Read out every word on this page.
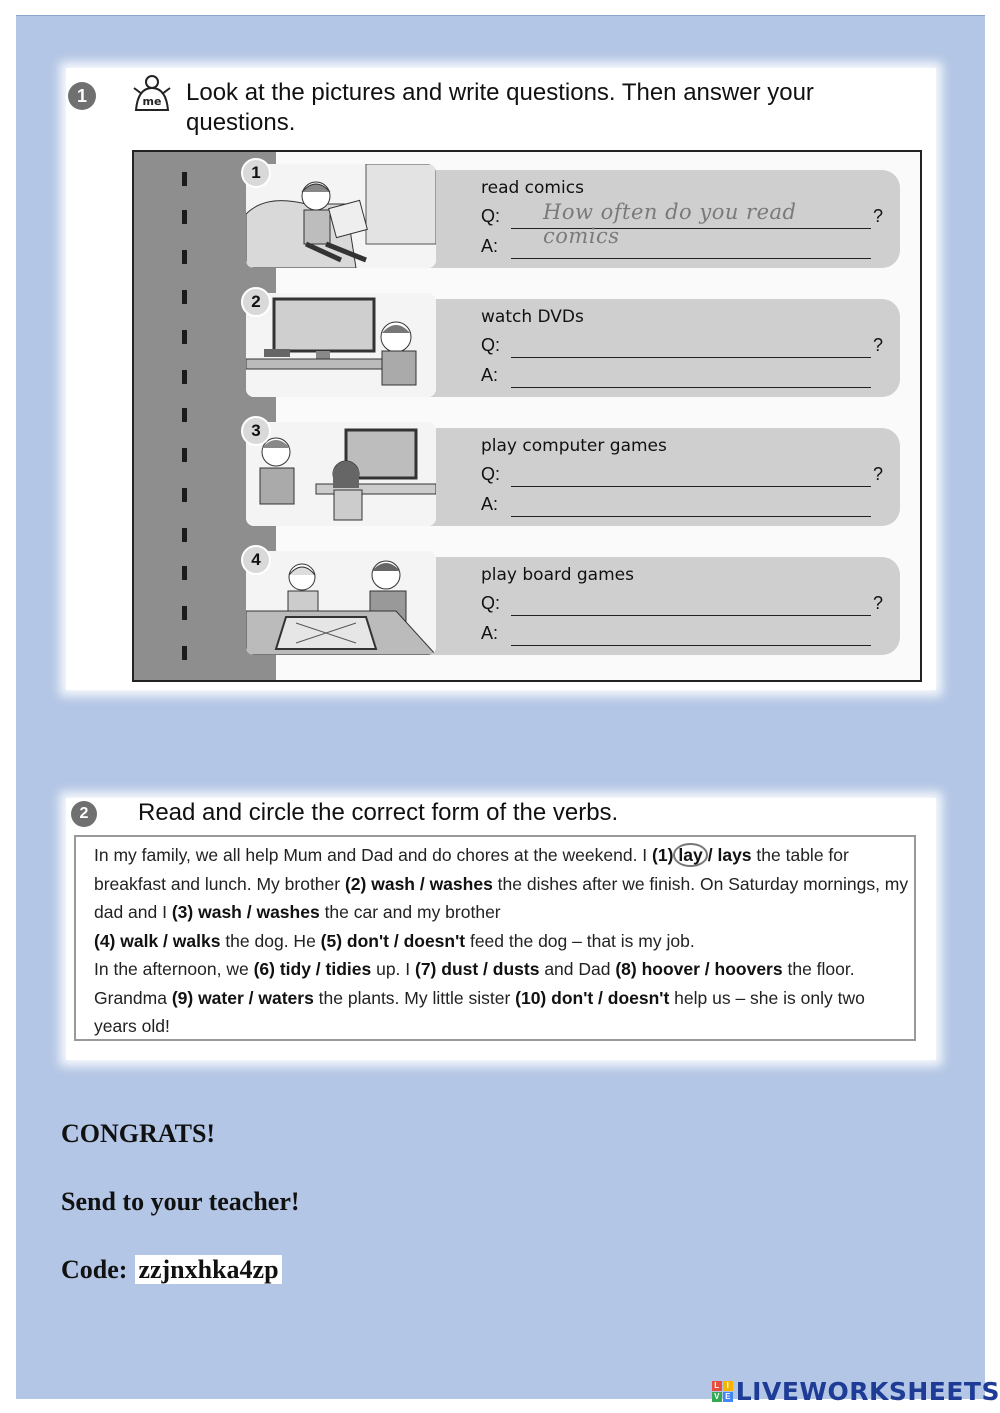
1	me Look at the pictures and write questions. Then answer your questions.
1
read comics
Q: How often do you read comics
?
A:
2
watch DVDs
Q:	?
A:
3
play computer games
Q:	?
A:
4
play board games
Q:	?
A:
2	Read and circle the correct form of the verbs.
In my family, we all help Mum and Dad and do chores at the weekend. I (1) lay / lays the table for breakfast and lunch. My brother (2) wash / washes the dishes after we finish. On Saturday mornings, my dad and I (3) wash / washes the car and my brother
(4) walk / walks the dog. He (5) don't / doesn't feed the dog – that is my job.
In the afternoon, we (6) tidy / tidies up. I (7) dust / dusts and Dad (8) hoover / hoovers the floor. Grandma (9) water / waters the plants. My little sister (10) don't / doesn't help us – she is only two years old!
CONGRATS!
Send to your teacher!
Code: zzjnxhka4zp
L I
V E LIVEWORKSHEETS
